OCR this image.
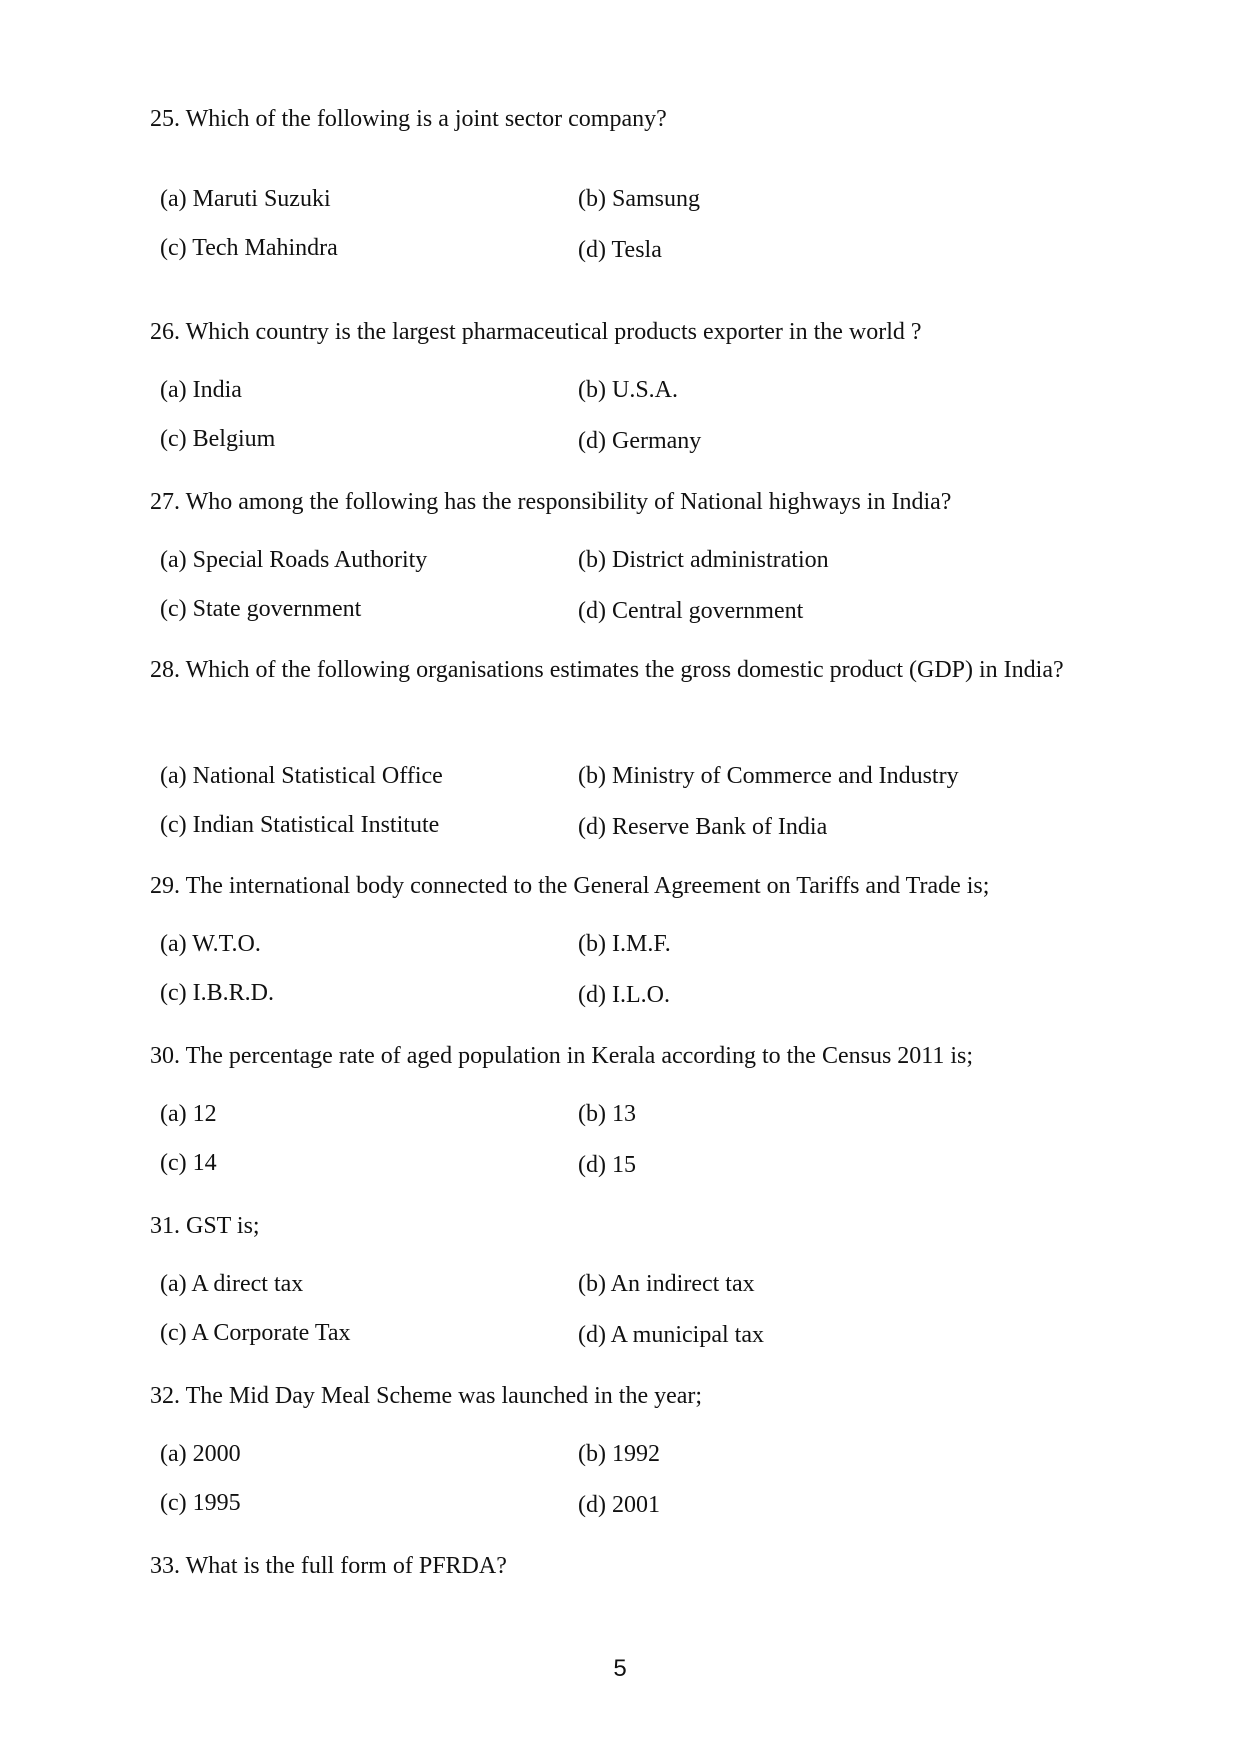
25. Which of the following is a joint sector company?
(a) Maruti Suzuki	(b) Samsung
(c) Tech Mahindra	(d) Tesla
26. Which country is the largest pharmaceutical products exporter in the world ?
(a) India	(b) U.S.A.
(c) Belgium	(d) Germany
27. Who among the following has the responsibility of National highways in India?
(a) Special Roads Authority	(b) District administration
(c) State government	(d) Central government
28. Which of the following organisations estimates the gross domestic product (GDP) in India?
(a) National Statistical Office	(b) Ministry of Commerce and Industry
(c) Indian Statistical Institute	(d) Reserve Bank of India
29. The international body connected to the General Agreement on Tariffs and Trade is;
(a) W.T.O.	(b) I.M.F.
(c) I.B.R.D.	(d) I.L.O.
30. The percentage rate of aged population in Kerala according to the Census 2011 is;
(a) 12	(b) 13
(c) 14	(d) 15
31. GST is;
(a) A direct tax	(b) An indirect tax
(c) A Corporate Tax	(d) A municipal tax
32. The Mid Day Meal Scheme was launched in the year;
(a) 2000	(b) 1992
(c) 1995	(d) 2001
33. What is the full form of PFRDA?
5
